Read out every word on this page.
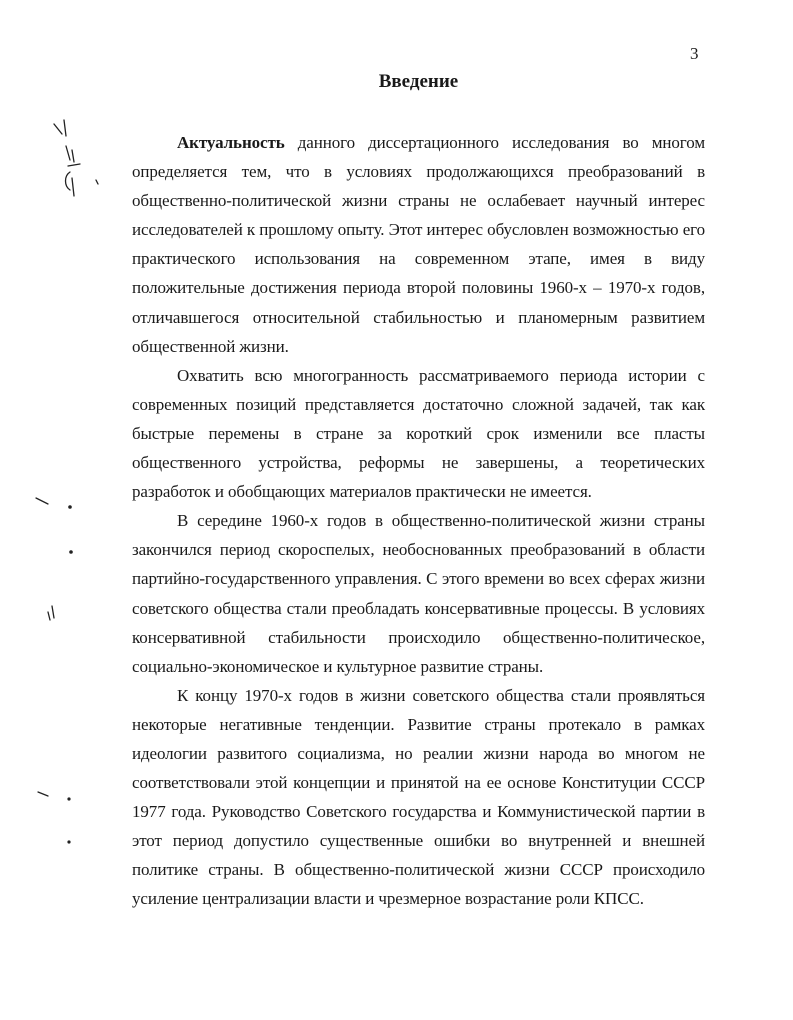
3
Введение

Актуальность данного диссертационного исследования во многом определяется тем, что в условиях продолжающихся преобразований в общественно-политической жизни страны не ослабевает научный интерес исследователей к прошлому опыту. Этот интерес обусловлен возможностью его практического использования на современном этапе, имея в виду положительные достижения периода второй половины 1960-х – 1970-х годов, отличавшегося относительной стабильностью и планомерным развитием общественной жизни.

Охватить всю многогранность рассматриваемого периода истории с современных позиций представляется достаточно сложной задачей, так как быстрые перемены в стране за короткий срок изменили все пласты общественного устройства, реформы не завершены, а теоретических разработок и обобщающих материалов практически не имеется.

В середине 1960-х годов в общественно-политической жизни страны закончился период скороспелых, необоснованных преобразований в области партийно-государственного управления. С этого времени во всех сферах жизни советского общества стали преобладать консервативные процессы. В условиях консервативной стабильности происходило общественно-политическое, социально-экономическое и культурное развитие страны.

К концу 1970-х годов в жизни советского общества стали проявляться некоторые негативные тенденции. Развитие страны протекало в рамках идеологии развитого социализма, но реалии жизни народа во многом не соответствовали этой концепции и принятой на ее основе Конституции СССР 1977 года. Руководство Советского государства и Коммунистической партии в этот период допустило существенные ошибки во внутренней и внешней политике страны. В общественно-политической жизни СССР происходило усиление централизации власти и чрезмерное возрастание роли КПСС.
